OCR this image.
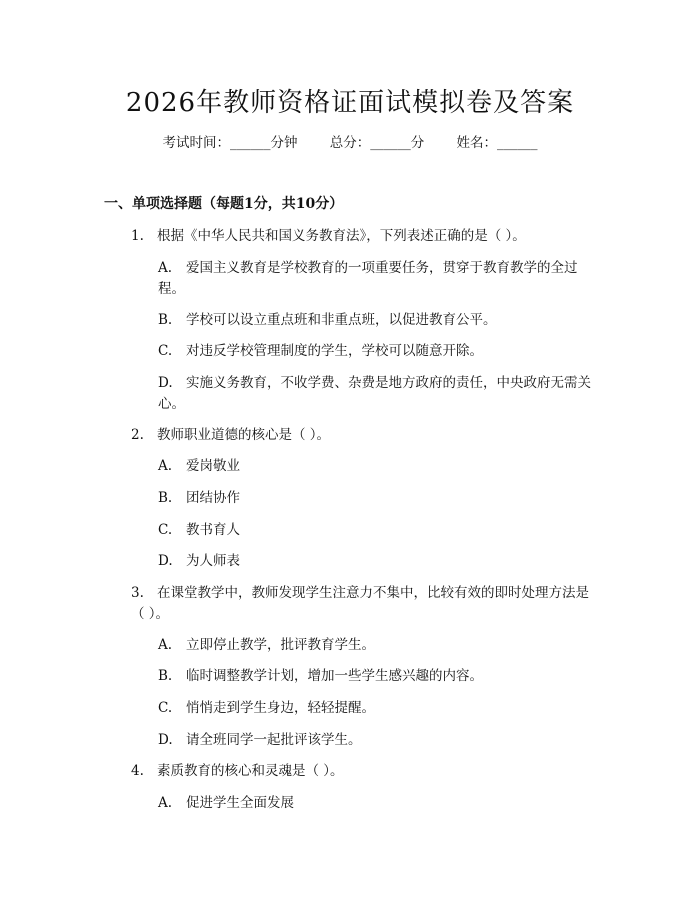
2026年教师资格证面试模拟卷及答案
考试时间：______分钟 总分：______分 姓名：______
一、单项选择题（每题1分，共10分）
1. 根据《中华人民共和国义务教育法》，下列表述正确的是（ ）。
A. 爱国主义教育是学校教育的一项重要任务，贯穿于教育教学的全过程。
B. 学校可以设立重点班和非重点班，以促进教育公平。
C. 对违反学校管理制度的学生，学校可以随意开除。
D. 实施义务教育，不收学费、杂费是地方政府的责任，中央政府无需关心。
2. 教师职业道德的核心是（ ）。
A. 爱岗敬业
B. 团结协作
C. 教书育人
D. 为人师表
3. 在课堂教学中，教师发现学生注意力不集中，比较有效的即时处理方法是（ ）。
A. 立即停止教学，批评教育学生。
B. 临时调整教学计划，增加一些学生感兴趣的内容。
C. 悄悄走到学生身边，轻轻提醒。
D. 请全班同学一起批评该学生。
4. 素质教育的核心和灵魂是（ ）。
A. 促进学生全面发展
